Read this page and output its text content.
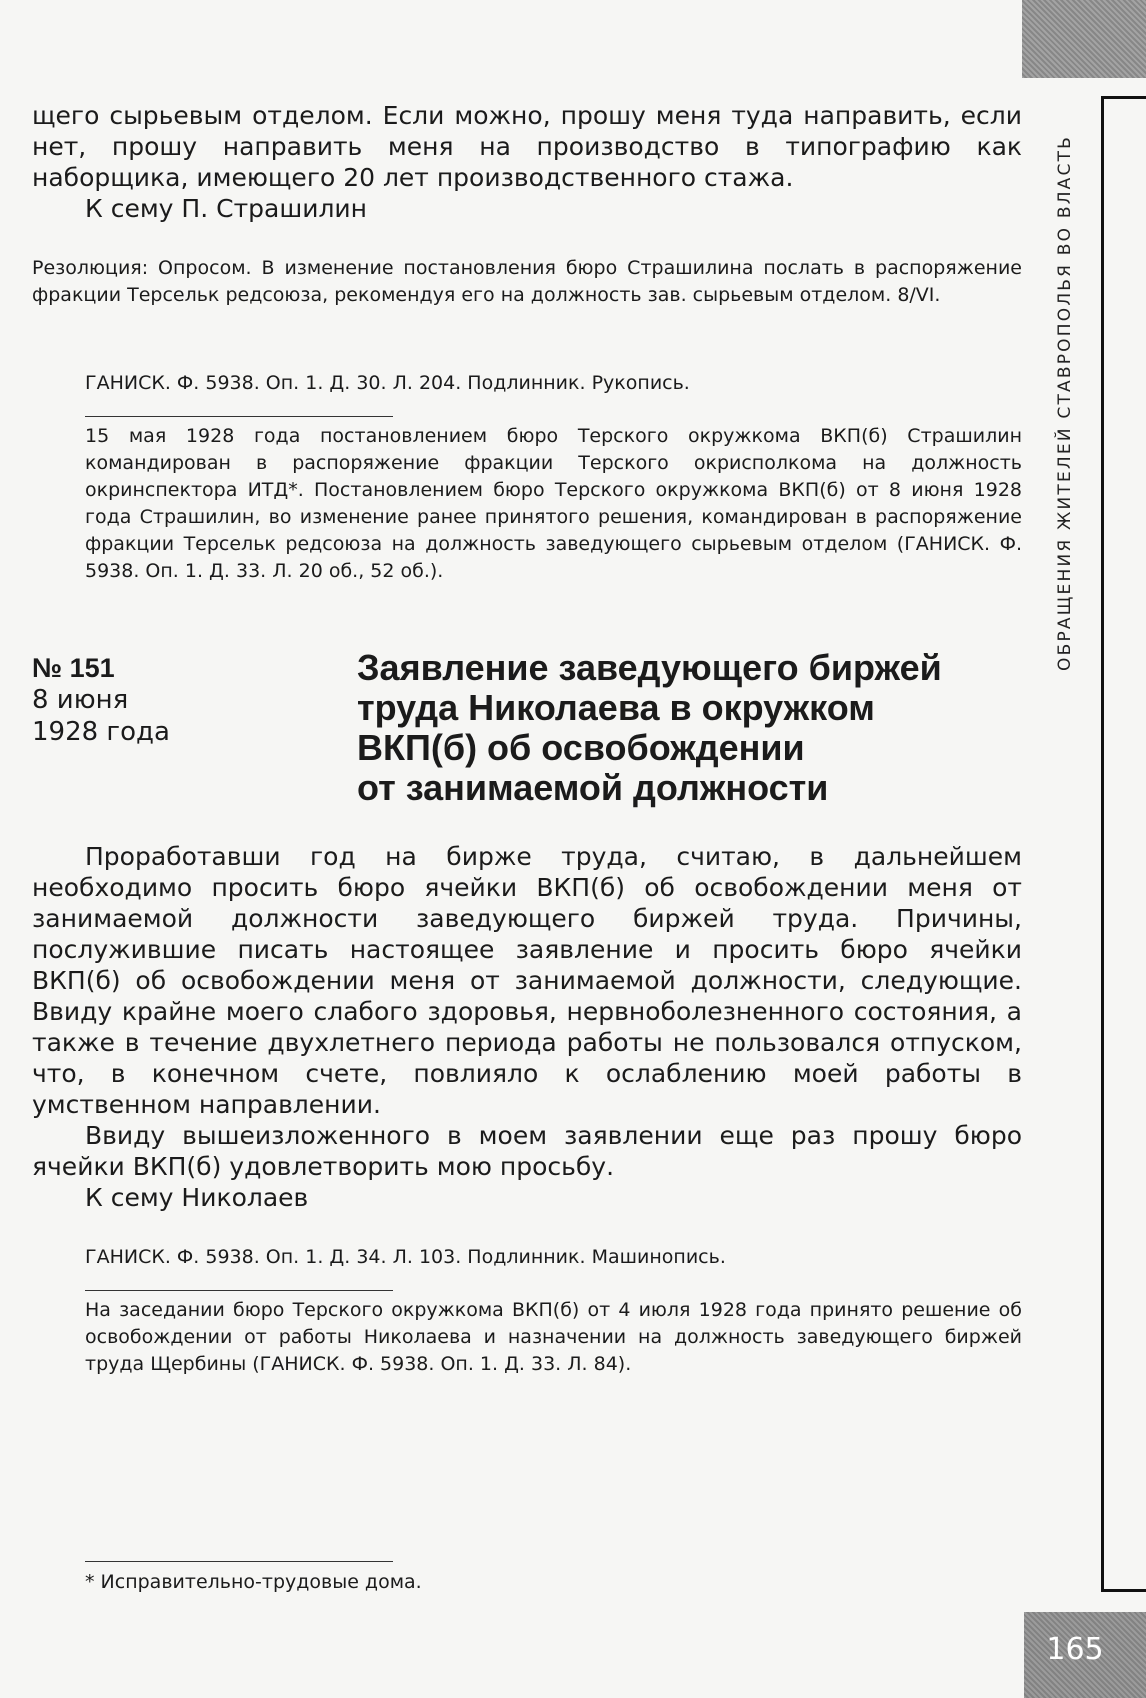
ОБРАЩЕНИЯ ЖИТЕЛЕЙ СТАВРОПОЛЬЯ ВО ВЛАСТЬ
165

щего сырьевым отделом. Если можно, прошу меня туда направить, если нет, прошу направить меня на производство в типографию как наборщика, имеющего 20 лет производственного стажа.

К сему П. Страшилин

Резолюция: Опросом. В изменение постановления бюро Страшилина послать в распоряжение фракции Терсельк редсоюза, рекомендуя его на должность зав. сырьевым отделом. 8/VI.

ГАНИСК. Ф. 5938. Оп. 1. Д. 30. Л. 204. Подлинник. Рукопись.

15 мая 1928 года постановлением бюро Терского окружкома ВКП(б) Страшилин командирован в распоряжение фракции Терского окрисполкома на должность окринспектора ИТД*. Постановлением бюро Терского окружкома ВКП(б) от 8 июня 1928 года Страшилин, во изменение ранее принятого решения, командирован в распоряжение фракции Терсельк редсоюза на должность заведующего сырьевым отделом (ГАНИСК. Ф. 5938. Оп. 1. Д. 33. Л. 20 об., 52 об.).

№ 151
8 июня
1928 года
Заявление заведующего биржей
труда Николаева в окружком
ВКП(б) об освобождении
от занимаемой должности

Проработавши год на бирже труда, считаю, в дальнейшем необходимо просить бюро ячейки ВКП(б) об освобождении меня от занимаемой должности заведующего биржей труда. Причины, послужившие писать настоящее заявление и просить бюро ячейки ВКП(б) об освобождении меня от занимаемой должности, следующие. Ввиду крайне моего слабого здоровья, нервноболезненного состояния, а также в течение двухлетнего периода работы не пользовался отпуском, что, в конечном счете, повлияло к ослаблению моей работы в умственном направлении.

Ввиду вышеизложенного в моем заявлении еще раз прошу бюро ячейки ВКП(б) удовлетворить мою просьбу.

К сему Николаев

ГАНИСК. Ф. 5938. Оп. 1. Д. 34. Л. 103. Подлинник. Машинопись.

На заседании бюро Терского окружкома ВКП(б) от 4 июля 1928 года принято решение об освобождении от работы Николаева и назначении на должность заведующего биржей труда Щербины (ГАНИСК. Ф. 5938. Оп. 1. Д. 33. Л. 84).

* Исправительно-трудовые дома.
